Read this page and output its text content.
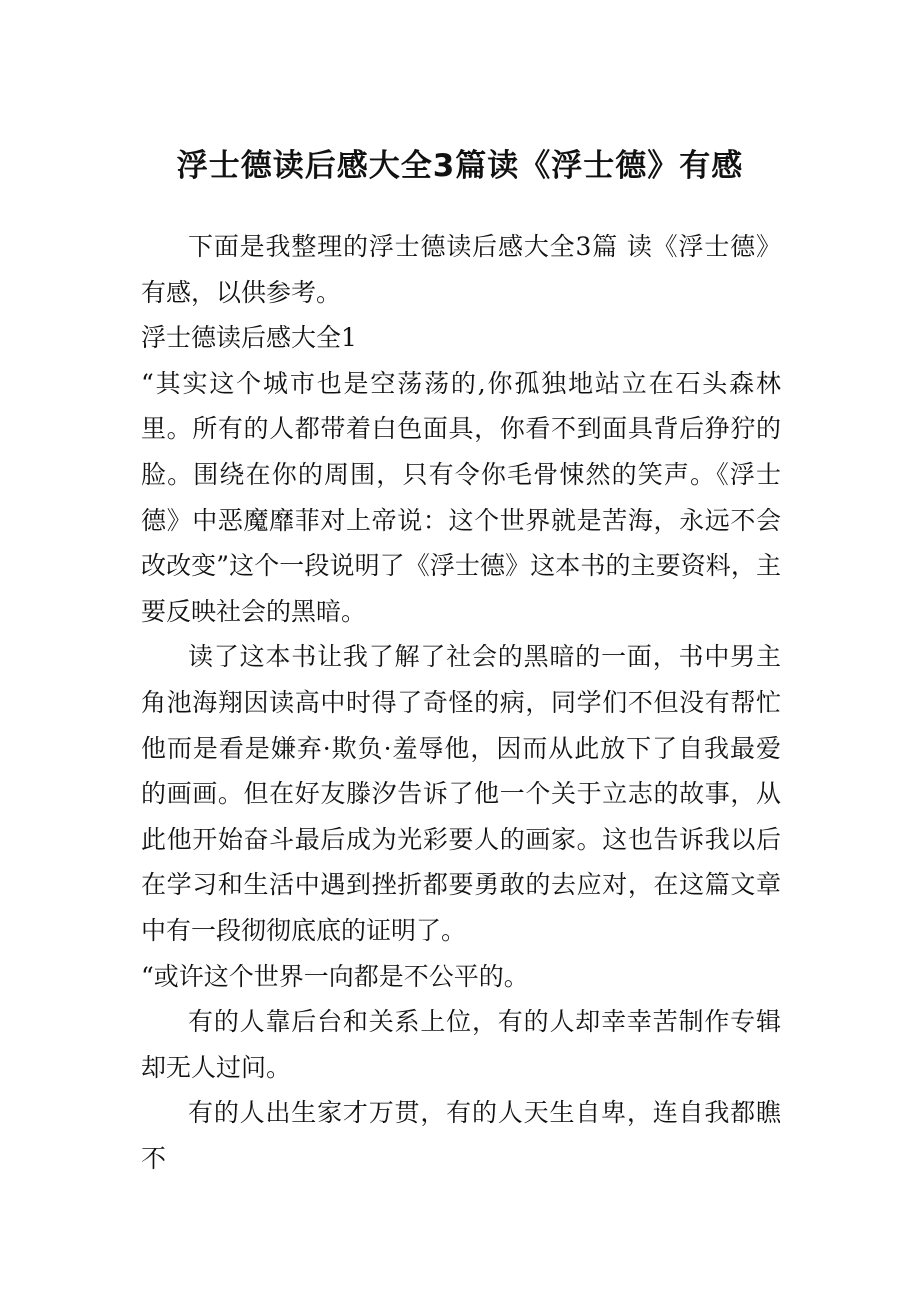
浮士德读后感大全3篇读《浮士德》有感

下面是我整理的浮士德读后感大全3篇 读《浮士德》有感，以供参考。

浮士德读后感大全1

“其实这个城市也是空荡荡的,你孤独地站立在石头森林里。所有的人都带着白色面具，你看不到面具背后狰狞的脸。围绕在你的周围，只有令你毛骨悚然的笑声。《浮士德》中恶魔靡菲对上帝说：这个世界就是苦海，永远不会改改变”这个一段说明了《浮士德》这本书的主要资料，主要反映社会的黑暗。

读了这本书让我了解了社会的黑暗的一面，书中男主角池海翔因读高中时得了奇怪的病，同学们不但没有帮忙他而是看是嫌弃·欺负·羞辱他，因而从此放下了自我最爱的画画。但在好友滕汐告诉了他一个关于立志的故事，从此他开始奋斗最后成为光彩要人的画家。这也告诉我以后在学习和生活中遇到挫折都要勇敢的去应对，在这篇文章中有一段彻彻底底的证明了。

“或许这个世界一向都是不公平的。

有的人靠后台和关系上位，有的人却幸幸苦制作专辑却无人过问。

有的人出生家才万贯，有的人天生自卑，连自我都瞧不
